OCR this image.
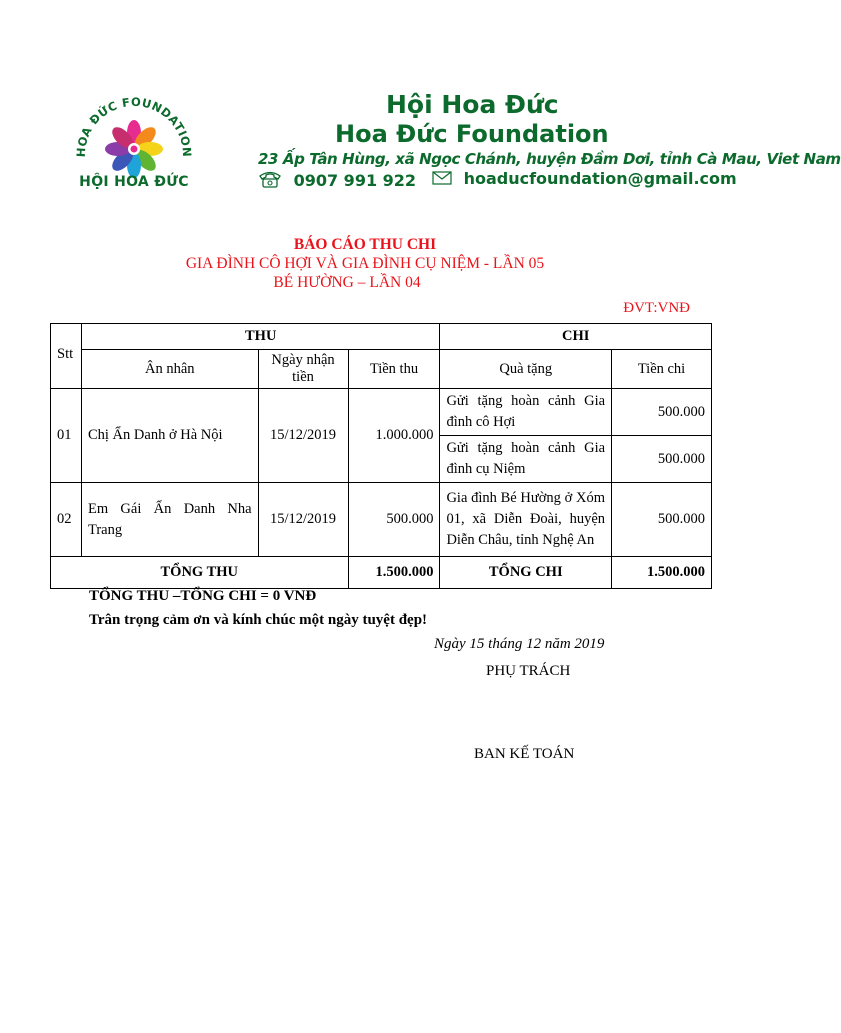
HOA ĐỨC FOUNDATION
HỘI HOA ĐỨC
Hội Hoa Đức
Hoa Đức Foundation
23 Ấp Tân Hùng, xã Ngọc Chánh, huyện Đầm Dơi, tỉnh Cà Mau, Viet Nam
0907 991 922	hoaducfoundation@gmail.com
BÁO CÁO THU CHI
GIA ĐÌNH CÔ HỢI VÀ GIA ĐÌNH CỤ NIỆM - LẦN 05
BÉ HƯỜNG – LẦN 04
ĐVT:VNĐ
Stt	THU			CHI	
	Ân nhân	Ngày nhận tiền	Tiền thu	Quà tặng	Tiền chi
01	Chị Ẩn Danh ở Hà Nội	15/12/2019	1.000.000	Gửi tặng hoàn cảnh Gia đình cô Hợi	500.000
				Gửi tặng hoàn cảnh Gia đình cụ Niệm	500.000
02	Em Gái Ẩn Danh Nha Trang	15/12/2019	500.000	Gia đình Bé Hường ở Xóm 01, xã Diễn Đoài, huyện Diễn Châu, tỉnh Nghệ An	500.000
TỔNG THU			1.500.000	TỔNG CHI	1.500.000
TỔNG THU –TỔNG CHI = 0 VNĐ
Trân trọng cảm ơn và kính chúc một ngày tuyệt đẹp!
Ngày 15 tháng 12 năm 2019
PHỤ TRÁCH
BAN KẾ TOÁN
